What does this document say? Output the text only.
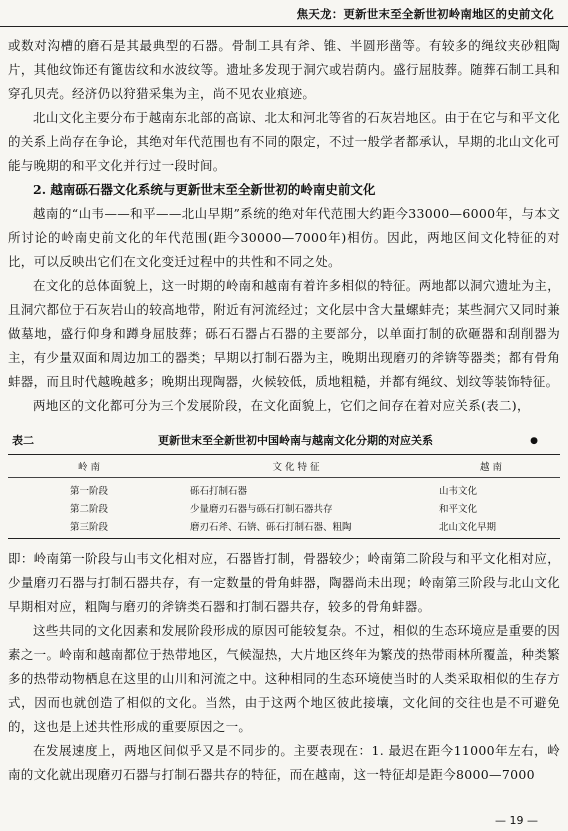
焦天龙：更新世末至全新世初岭南地区的史前文化

或数对沟槽的磨石是其最典型的石器。骨制工具有斧、锥、半圆形凿等。有较多的绳纹夹砂粗陶片，其他纹饰还有篦齿纹和水波纹等。遗址多发现于洞穴或岩荫内。盛行屈肢葬。随葬石制工具和穿孔贝壳。经济仍以狩猎采集为主，尚不见农业痕迹。

北山文化主要分布于越南东北部的高谅、北太和河北等省的石灰岩地区。由于在它与和平文化的关系上尚存在争论，其绝对年代范围也有不同的限定，不过一般学者都承认，早期的北山文化可能与晚期的和平文化并行过一段时间。

2. 越南砾石器文化系统与更新世末至全新世初的岭南史前文化

越南的“山韦——和平——北山早期”系统的绝对年代范围大约距今33000—6000年，与本文所讨论的岭南史前文化的年代范围(距今30000—7000年)相仿。因此，两地区间文化特征的对比，可以反映出它们在文化变迁过程中的共性和不同之处。

在文化的总体面貌上，这一时期的岭南和越南有着许多相似的特征。两地都以洞穴遗址为主，且洞穴都位于石灰岩山的较高地带，附近有河流经过；文化层中含大量螺蚌壳；某些洞穴又同时兼做墓地，盛行仰身和蹲身屈肢葬；砾石石器占石器的主要部分，以单面打制的砍砸器和刮削器为主，有少量双面和周边加工的器类；早期以打制石器为主，晚期出现磨刃的斧锛等器类；都有骨角蚌器，而且时代越晚越多；晚期出现陶器，火候较低，质地粗糙，并都有绳纹、划纹等装饰特征。

两地区的文化都可分为三个发展阶段，在文化面貌上，它们之间存在着对应关系(表二)，

表二	更新世末至全新世初中国岭南与越南文化分期的对应关系	●
岭 南	文 化 特 征	越 南
第一阶段	砾石打制石器	山韦文化
第二阶段	少量磨刃石器与砾石打制石器共存	和平文化
第三阶段	磨刃石斧、石锛、砾石打制石器、粗陶	北山文化早期

即：岭南第一阶段与山韦文化相对应，石器皆打制，骨器较少；岭南第二阶段与和平文化相对应，少量磨刃石器与打制石器共存，有一定数量的骨角蚌器，陶器尚未出现；岭南第三阶段与北山文化早期相对应，粗陶与磨刃的斧锛类石器和打制石器共存，较多的骨角蚌器。

这些共同的文化因素和发展阶段形成的原因可能较复杂。不过，相似的生态环境应是重要的因素之一。岭南和越南都位于热带地区，气候湿热，大片地区终年为繁茂的热带雨林所覆盖，种类繁多的热带动物栖息在这里的山川和河流之中。这种相同的生态环境使当时的人类采取相似的生存方式，因而也就创造了相似的文化。当然，由于这两个地区彼此接壤，文化间的交往也是不可避免的，这也是上述共性形成的重要原因之一。

在发展速度上，两地区间似乎又是不同步的。主要表现在：1. 最迟在距今11000年左右，岭南的文化就出现磨刃石器与打制石器共存的特征，而在越南，这一特征却是距今8000—7000

— 19 —
